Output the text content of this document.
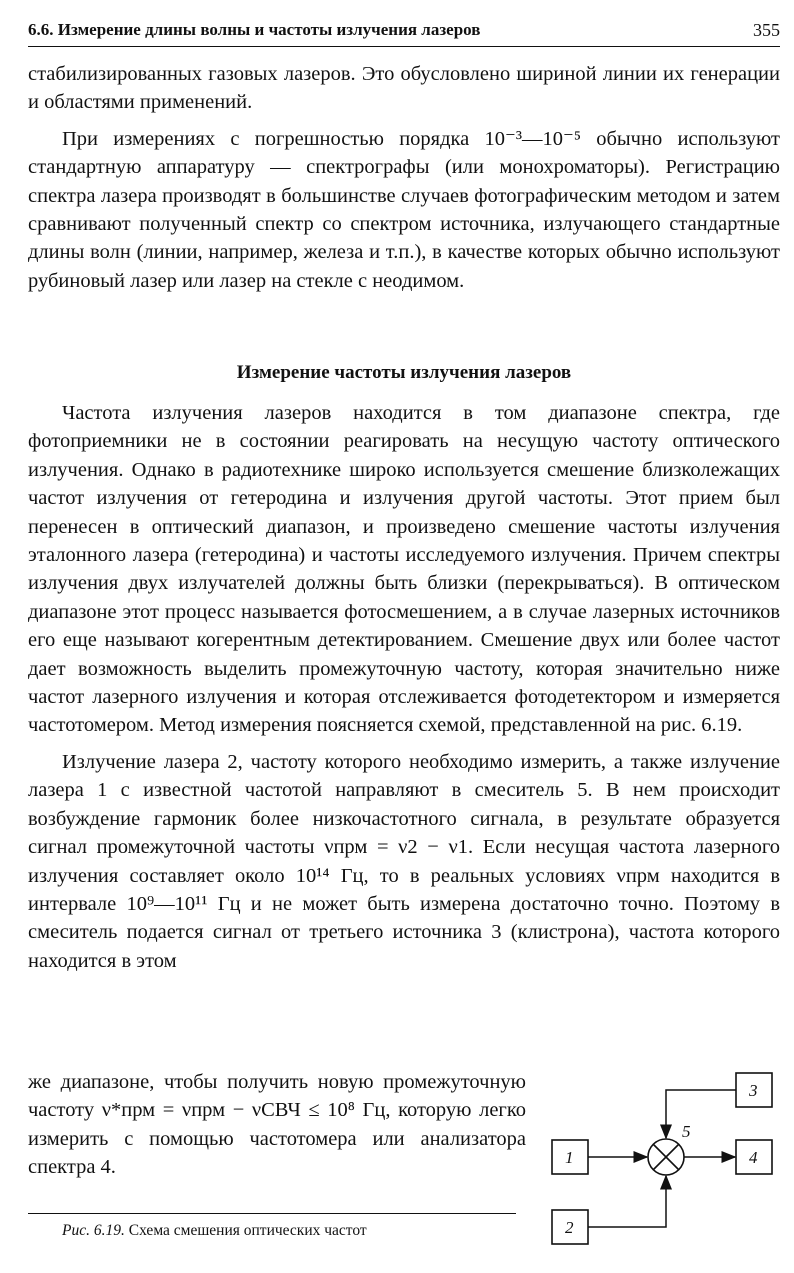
6.6. Измерение длины волны и частоты излучения лазеров	355

стабилизированных газовых лазеров. Это обусловлено шириной линии их генерации и областями применений.

При измерениях с погрешностью порядка 10⁻³—10⁻⁵ обычно используют стандартную аппаратуру — спектрографы (или монохроматоры). Регистрацию спектра лазера производят в большинстве случаев фотографическим методом и затем сравнивают полученный спектр со спектром источника, излучающего стандартные длины волн (линии, например, железа и т.п.), в качестве которых обычно используют рубиновый лазер или лазер на стекле с неодимом.

Измерение частоты излучения лазеров

Частота излучения лазеров находится в том диапазоне спектра, где фотоприемники не в состоянии реагировать на несущую частоту оптического излучения. Однако в радиотехнике широко используется смешение близколежащих частот излучения от гетеродина и излучения другой частоты. Этот прием был перенесен в оптический диапазон, и произведено смешение частоты излучения эталонного лазера (гетеродина) и частоты исследуемого излучения. Причем спектры излучения двух излучателей должны быть близки (перекрываться). В оптическом диапазоне этот процесс называется фотосмешением, а в случае лазерных источников его еще называют когерентным детектированием. Смешение двух или более частот дает возможность выделить промежуточную частоту, которая значительно ниже частот лазерного излучения и которая отслеживается фотодетектором и измеряется частотомером. Метод измерения поясняется схемой, представленной на рис. 6.19.

Излучение лазера 2, частоту которого необходимо измерить, а также излучение лазера 1 с известной частотой направляют в смеситель 5. В нем происходит возбуждение гармоник более низкочастотного сигнала, в результате образуется сигнал промежуточной частоты νпрм = ν2 − ν1. Если несущая частота лазерного излучения составляет около 10¹⁴ Гц, то в реальных условиях νпрм находится в интервале 10⁹—10¹¹ Гц и не может быть измерена достаточно точно. Поэтому в смеситель подается сигнал от третьего источника 3 (клистрона), частота которого находится в этом

же диапазоне, чтобы получить новую промежуточную частоту ν*прм = νпрм − νСВЧ ≤ 10⁸ Гц, которую легко измерить с помощью частотомера или анализатора спектра 4.
3
1	4
2
5
Рис. 6.19. Схема смешения оптических частот
